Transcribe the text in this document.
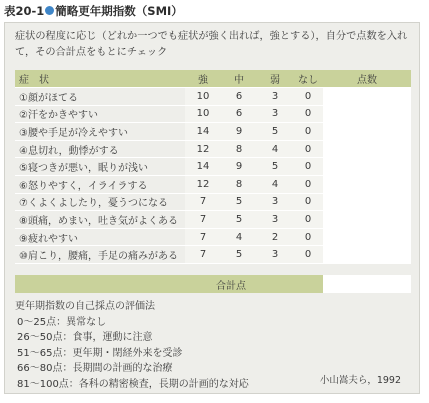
表20-1 簡略更年期指数（SMI）
症状の程度に応じ（どれか一つでも症状が強く出れば，強とする），自分で点数を入れて，その合計点をもとにチェック
症　状	強	中	弱	なし	点数
①顔がほてる	10	6	3	0	
②汗をかきやすい	10	6	3	0	
③腰や手足が冷えやすい	14	9	5	0	
④息切れ，動悸がする	12	8	4	0	
⑤寝つきが悪い，眠りが浅い	14	9	5	0	
⑥怒りやすく，イライラする	12	8	4	0	
⑦くよくよしたり，憂うつになる	7	5	3	0	
⑧頭痛，めまい，吐き気がよくある	7	5	3	0	
⑨疲れやすい	7	4	2	0	
⑩肩こり，腰痛，手足の痛みがある	7	5	3	0	
合計点
更年期指数の自己採点の評価法
0～25点：異常なし
26～50点：食事，運動に注意
51～65点：更年期・閉経外来を受診
66～80点：長期間の計画的な治療
81～100点：各科の精密検査，長期の計画的な対応	小山嵩夫ら，1992
